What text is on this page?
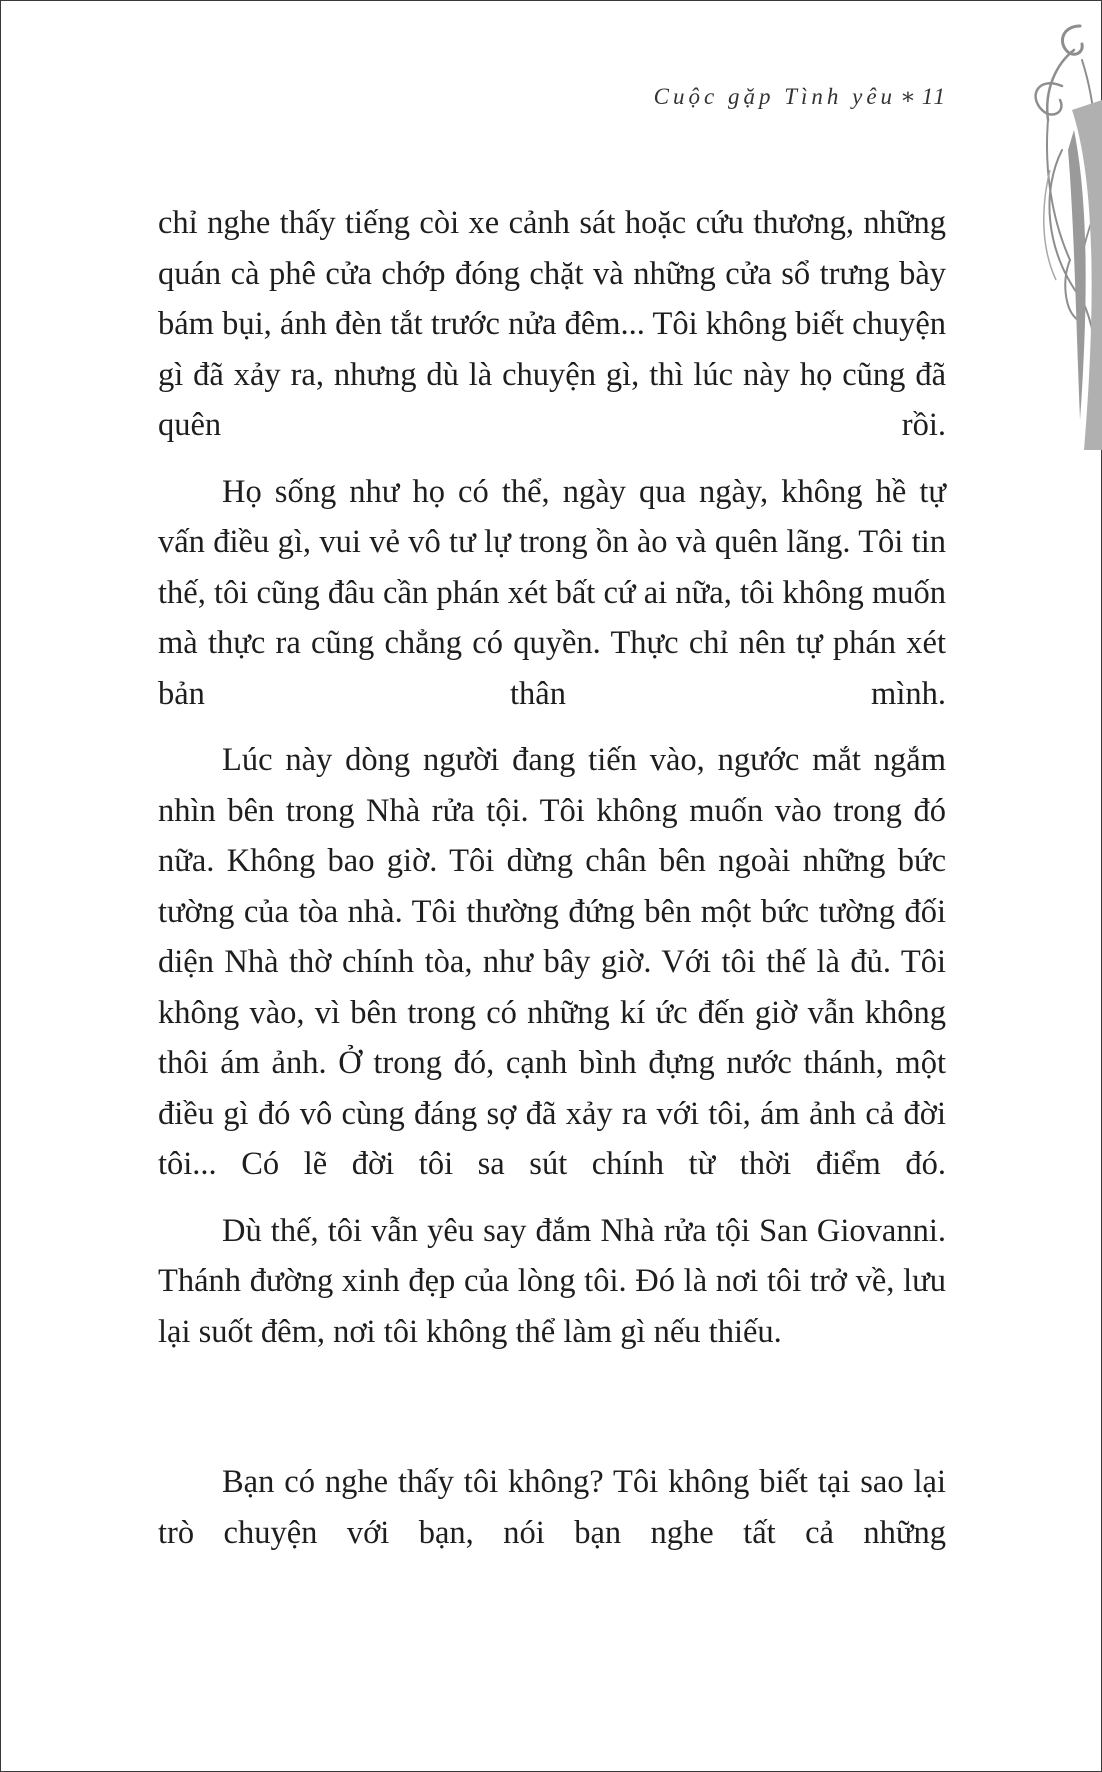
Cuộc gặp Tình yêu ∗ 11

chỉ nghe thấy tiếng còi xe cảnh sát hoặc cứu thương, những quán cà phê cửa chớp đóng chặt và những cửa sổ trưng bày bám bụi, ánh đèn tắt trước nửa đêm... Tôi không biết chuyện gì đã xảy ra, nhưng dù là chuyện gì, thì lúc này họ cũng đã quên rồi.

Họ sống như họ có thể, ngày qua ngày, không hề tự vấn điều gì, vui vẻ vô tư lự trong ồn ào và quên lãng. Tôi tin thế, tôi cũng đâu cần phán xét bất cứ ai nữa, tôi không muốn mà thực ra cũng chẳng có quyền. Thực chỉ nên tự phán xét bản thân mình.

Lúc này dòng người đang tiến vào, ngước mắt ngắm nhìn bên trong Nhà rửa tội. Tôi không muốn vào trong đó nữa. Không bao giờ. Tôi dừng chân bên ngoài những bức tường của tòa nhà. Tôi thường đứng bên một bức tường đối diện Nhà thờ chính tòa, như bây giờ. Với tôi thế là đủ. Tôi không vào, vì bên trong có những kí ức đến giờ vẫn không thôi ám ảnh. Ở trong đó, cạnh bình đựng nước thánh, một điều gì đó vô cùng đáng sợ đã xảy ra với tôi, ám ảnh cả đời tôi... Có lẽ đời tôi sa sút chính từ thời điểm đó.

Dù thế, tôi vẫn yêu say đắm Nhà rửa tội San Giovanni. Thánh đường xinh đẹp của lòng tôi. Đó là nơi tôi trở về, lưu lại suốt đêm, nơi tôi không thể làm gì nếu thiếu.

Bạn có nghe thấy tôi không? Tôi không biết tại sao lại trò chuyện với bạn, nói bạn nghe tất cả những
